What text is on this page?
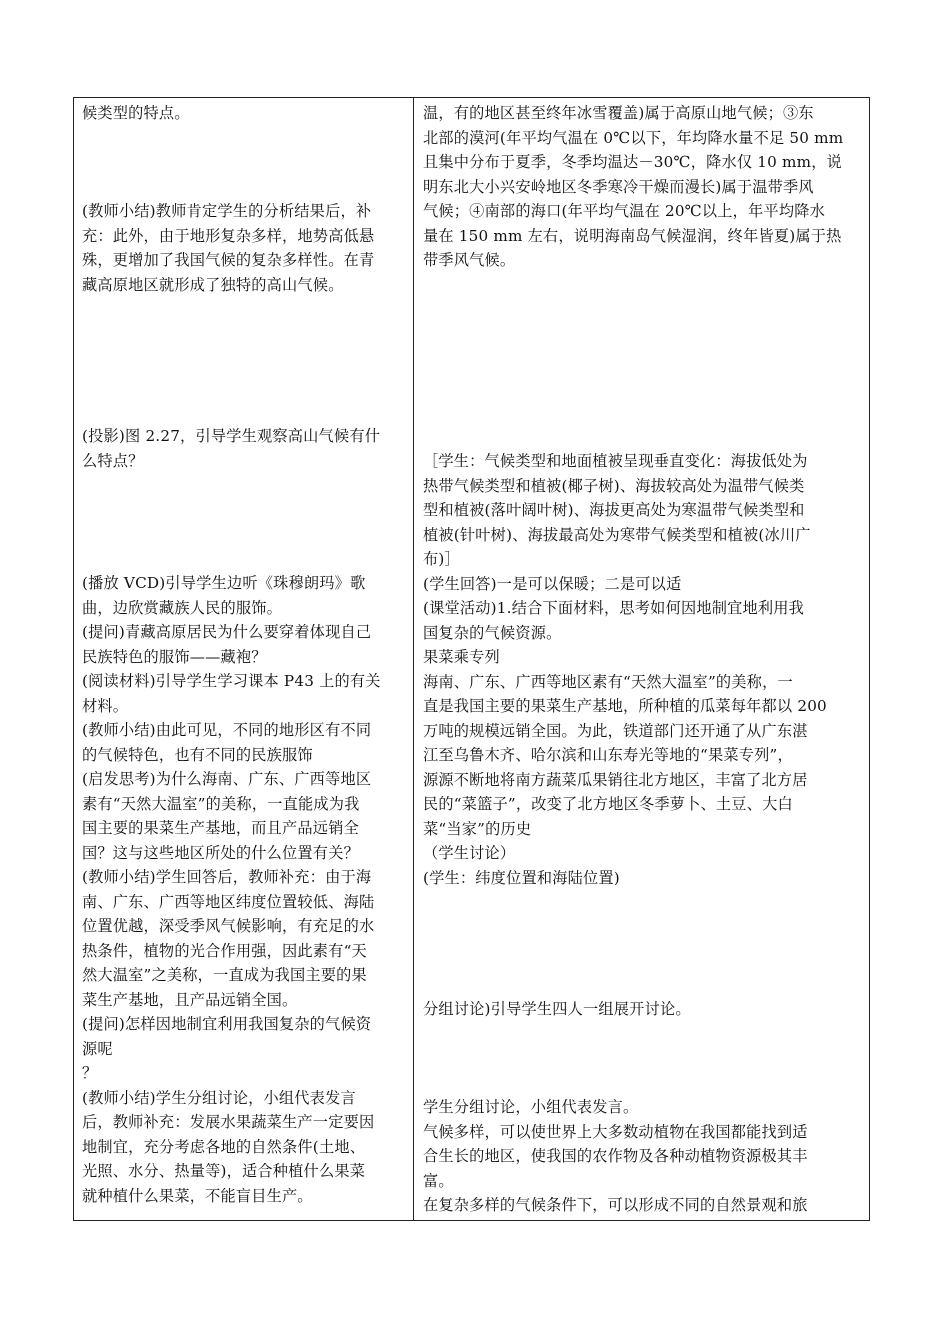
候类型的特点。
(教师小结)教师肯定学生的分析结果后，补
充：此外，由于地形复杂多样，地势高低悬
殊，更增加了我国气候的复杂多样性。在青
藏高原地区就形成了独特的高山气候。
(投影)图 2.27，引导学生观察高山气候有什
么特点？
(播放 VCD)引导学生边听《珠穆朗玛》歌
曲，边欣赏藏族人民的服饰。
(提问)青藏高原居民为什么要穿着体现自己
民族特色的服饰——藏袍？
(阅读材料)引导学生学习课本 P43 上的有关
材料。
(教师小结)由此可见，不同的地形区有不同
的气候特色，也有不同的民族服饰
(启发思考)为什么海南、广东、广西等地区
素有“天然大温室”的美称，一直能成为我
国主要的果菜生产基地，而且产品远销全
国？这与这些地区所处的什么位置有关？
(教师小结)学生回答后，教师补充：由于海
南、广东、广西等地区纬度位置较低、海陆
位置优越，深受季风气候影响，有充足的水
热条件，植物的光合作用强，因此素有“天
然大温室”之美称，一直成为我国主要的果
菜生产基地，且产品远销全国。
(提问)怎样因地制宜利用我国复杂的气候资
源呢
？
(教师小结)学生分组讨论，小组代表发言
后，教师补充：发展水果蔬菜生产一定要因
地制宜，充分考虑各地的自然条件(土地、
光照、水分、热量等)，适合种植什么果菜
就种植什么果菜，不能盲目生产。
温，有的地区甚至终年冰雪覆盖)属于高原山地气候；③东
北部的漠河(年平均气温在 0℃以下，年均降水量不足 50 mm
且集中分布于夏季，冬季均温达－30℃，降水仅 10 mm，说
明东北大小兴安岭地区冬季寒冷干燥而漫长)属于温带季风
气候；④南部的海口(年平均气温在 20℃以上，年平均降水
量在 150 mm 左右，说明海南岛气候湿润，终年皆夏)属于热
带季风气候。
［学生：气候类型和地面植被呈现垂直变化：海拔低处为
热带气候类型和植被(椰子树)、海拔较高处为温带气候类
型和植被(落叶阔叶树)、海拔更高处为寒温带气候类型和
植被(针叶树)、海拔最高处为寒带气候类型和植被(冰川广
布)］
(学生回答)一是可以保暖；二是可以适
(课堂活动)1.结合下面材料，思考如何因地制宜地利用我
国复杂的气候资源。
果菜乘专列
海南、广东、广西等地区素有“天然大温室”的美称，一
直是我国主要的果菜生产基地，所种植的瓜菜每年都以 200
万吨的规模远销全国。为此，铁道部门还开通了从广东湛
江至乌鲁木齐、哈尔滨和山东寿光等地的“果菜专列”，
源源不断地将南方蔬菜瓜果销往北方地区，丰富了北方居
民的“菜篮子”，改变了北方地区冬季萝卜、土豆、大白
菜“当家”的历史
（学生讨论）
(学生：纬度位置和海陆位置)
分组讨论)引导学生四人一组展开讨论。
学生分组讨论，小组代表发言。
气候多样，可以使世界上大多数动植物在我国都能找到适
合生长的地区，使我国的农作物及各种动植物资源极其丰
富。
在复杂多样的气候条件下，可以形成不同的自然景观和旅
